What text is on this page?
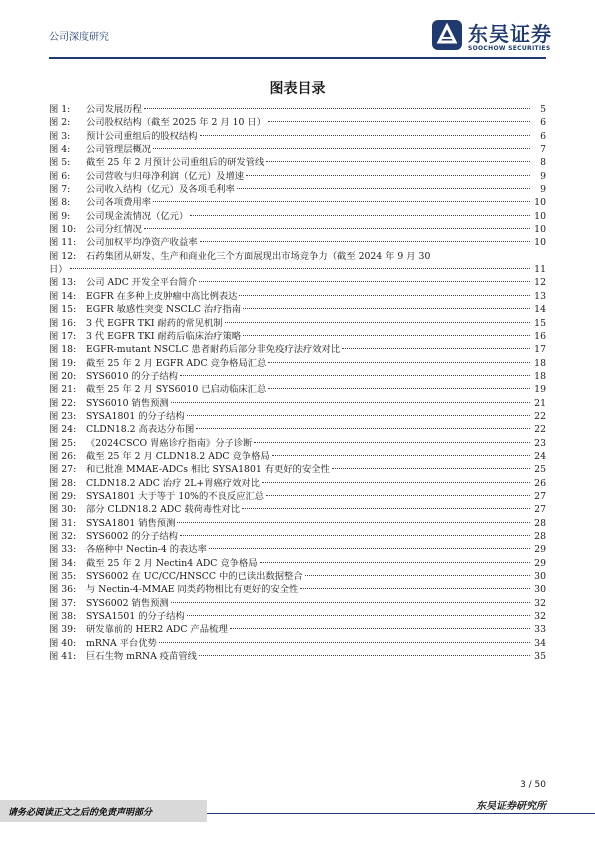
公司深度研究	东吴证券
SOOCHOW SECURITIES
图表目录
图 1:	公司发展历程	5
图 2:	公司股权结构（截至 2025 年 2 月 10 日）	6
图 3:	预计公司重组后的股权结构	6
图 4:	公司管理层概况	7
图 5:	截至 25 年 2 月预计公司重组后的研发管线	8
图 6:	公司营收与归母净利润（亿元）及增速	9
图 7:	公司收入结构（亿元）及各项毛利率	9
图 8:	公司各项费用率	10
图 9:	公司现金流情况（亿元）	10
图 10:	公司分红情况	10
图 11:	公司加权平均净资产收益率	10
图 12:	石药集团从研发、生产和商业化三个方面展现出市场竞争力（截至 2024 年 9 月 30
日）	11
图 13:	公司 ADC 开发全平台简介	12
图 14:	EGFR 在多种上皮肿瘤中高比例表达	13
图 15:	EGFR 敏感性突变 NSCLC 治疗指南	14
图 16:	3 代 EGFR TKI 耐药的常见机制	15
图 17:	3 代 EGFR TKI 耐药后临床治疗策略	16
图 18:	EGFR-mutant NSCLC 患者耐药后部分非免疫疗法疗效对比	17
图 19:	截至 25 年 2 月 EGFR ADC 竞争格局汇总	18
图 20:	SYS6010 的分子结构	18
图 21:	截至 25 年 2 月 SYS6010 已启动临床汇总	19
图 22:	SYS6010 销售预测	21
图 23:	SYSA1801 的分子结构	22
图 24:	CLDN18.2 高表达分布图	22
图 25:	《2024CSCO 胃癌诊疗指南》分子诊断	23
图 26:	截至 25 年 2 月 CLDN18.2 ADC 竞争格局	24
图 27:	和已批准 MMAE-ADCs 相比 SYSA1801 有更好的安全性	25
图 28:	CLDN18.2 ADC 治疗 2L+胃癌疗效对比	26
图 29:	SYSA1801 大于等于 10%的不良反应汇总	27
图 30:	部分 CLDN18.2 ADC 载荷毒性对比	27
图 31:	SYSA1801 销售预测	28
图 32:	SYS6002 的分子结构	28
图 33:	各癌种中 Nectin-4 的表达率	29
图 34:	截至 25 年 2 月 Nectin4 ADC 竞争格局	29
图 35:	SYS6002 在 UC/CC/HNSCC 中的已读出数据整合	30
图 36:	与 Nectin-4-MMAE 同类药物相比有更好的安全性	30
图 37:	SYS6002 销售预测	32
图 38:	SYSA1501 的分子结构	32
图 39:	研发靠前的 HER2 ADC 产品梳理	33
图 40:	mRNA 平台优势	34
图 41:	巨石生物 mRNA 疫苗管线	35
3 / 50
请务必阅读正文之后的免责声明部分
东吴证券研究所
